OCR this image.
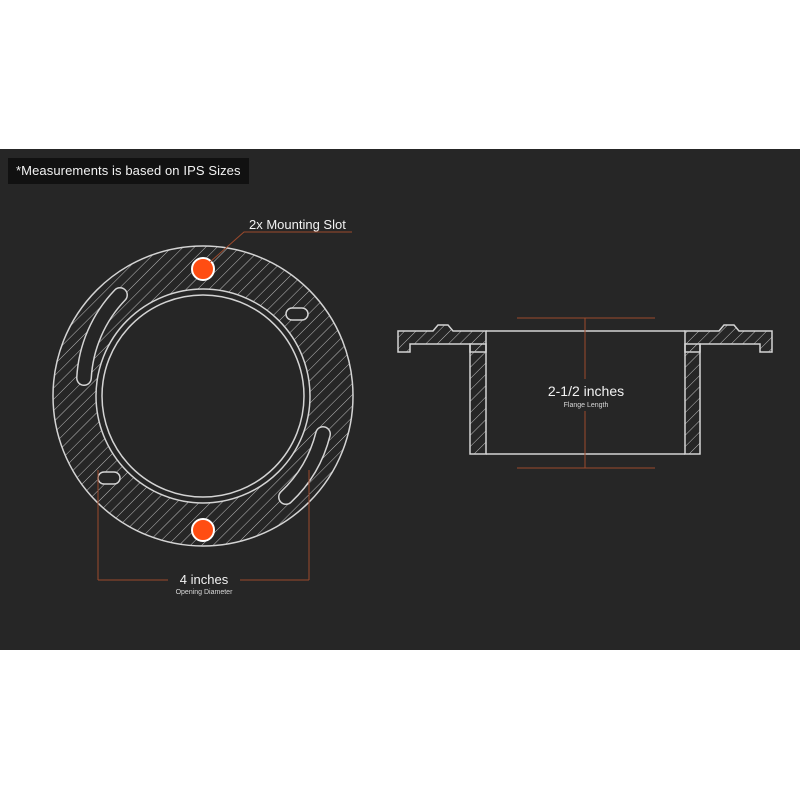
*Measurements is based on IPS Sizes
2x Mounting Slot
4 inches
Opening Diameter
2-1/2 inches
Flange Length
